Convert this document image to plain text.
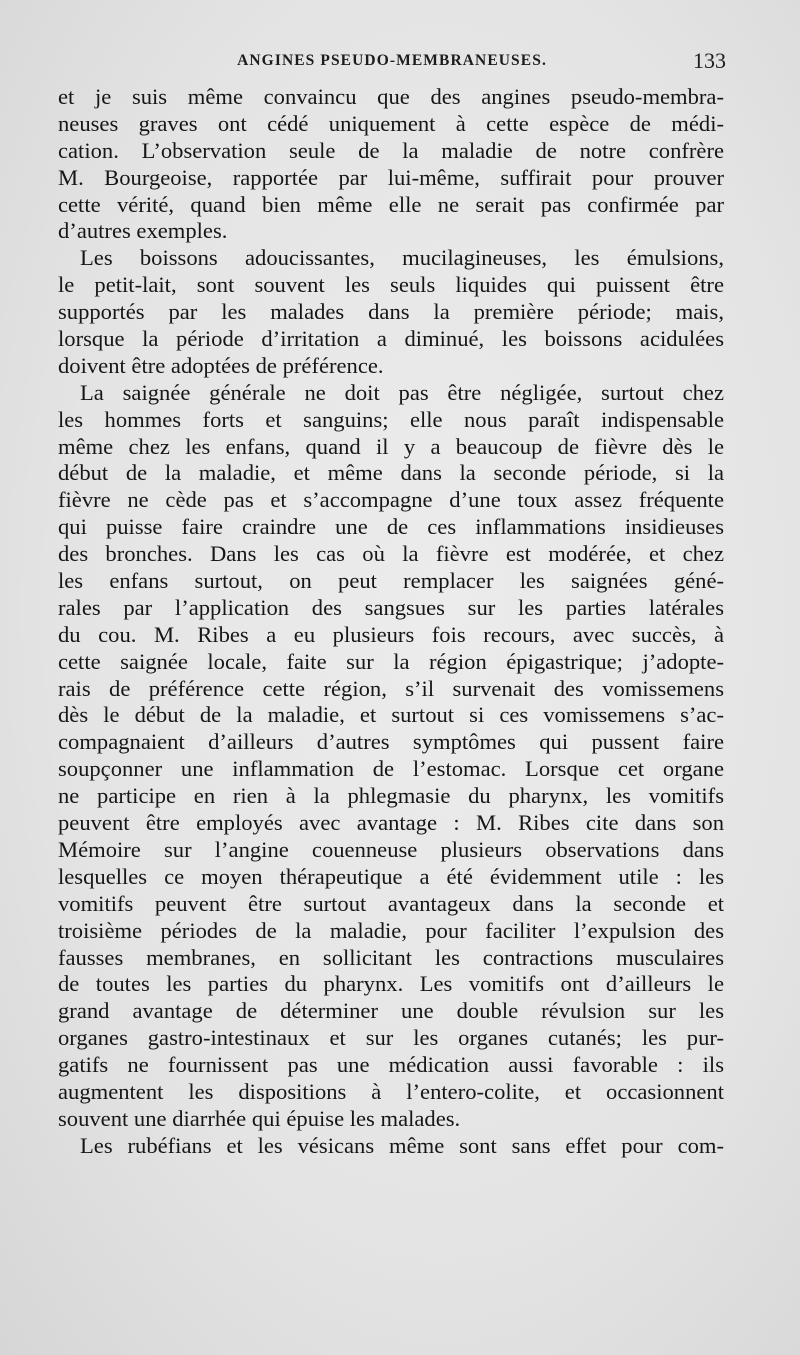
ANGINES PSEUDO-MEMBRANEUSES.	133
et je suis même convaincu que des angines pseudo-membra-
neuses graves ont cédé uniquement à cette espèce de médi-
cation. L’observation seule de la maladie de notre confrère
M. Bourgeoise, rapportée par lui-même, suffirait pour prouver
cette vérité, quand bien même elle ne serait pas confirmée par
d’autres exemples.
Les boissons adoucissantes, mucilagineuses, les émulsions,
le petit-lait, sont souvent les seuls liquides qui puissent être
supportés par les malades dans la première période; mais,
lorsque la période d’irritation a diminué, les boissons acidulées
doivent être adoptées de préférence.
La saignée générale ne doit pas être négligée, surtout chez
les hommes forts et sanguins; elle nous paraît indispensable
même chez les enfans, quand il y a beaucoup de fièvre dès le
début de la maladie, et même dans la seconde période, si la
fièvre ne cède pas et s’accompagne d’une toux assez fréquente
qui puisse faire craindre une de ces inflammations insidieuses
des bronches. Dans les cas où la fièvre est modérée, et chez
les enfans surtout, on peut remplacer les saignées géné-
rales par l’application des sangsues sur les parties latérales
du cou. M. Ribes a eu plusieurs fois recours, avec succès, à
cette saignée locale, faite sur la région épigastrique; j’adopte-
rais de préférence cette région, s’il survenait des vomissemens
dès le début de la maladie, et surtout si ces vomissemens s’ac-
compagnaient d’ailleurs d’autres symptômes qui pussent faire
soupçonner une inflammation de l’estomac. Lorsque cet organe
ne participe en rien à la phlegmasie du pharynx, les vomitifs
peuvent être employés avec avantage : M. Ribes cite dans son
Mémoire sur l’angine couenneuse plusieurs observations dans
lesquelles ce moyen thérapeutique a été évidemment utile : les
vomitifs peuvent être surtout avantageux dans la seconde et
troisième périodes de la maladie, pour faciliter l’expulsion des
fausses membranes, en sollicitant les contractions musculaires
de toutes les parties du pharynx. Les vomitifs ont d’ailleurs le
grand avantage de déterminer une double révulsion sur les
organes gastro-intestinaux et sur les organes cutanés; les pur-
gatifs ne fournissent pas une médication aussi favorable : ils
augmentent les dispositions à l’entero-colite, et occasionnent
souvent une diarrhée qui épuise les malades.
Les rubéfians et les vésicans même sont sans effet pour com-
